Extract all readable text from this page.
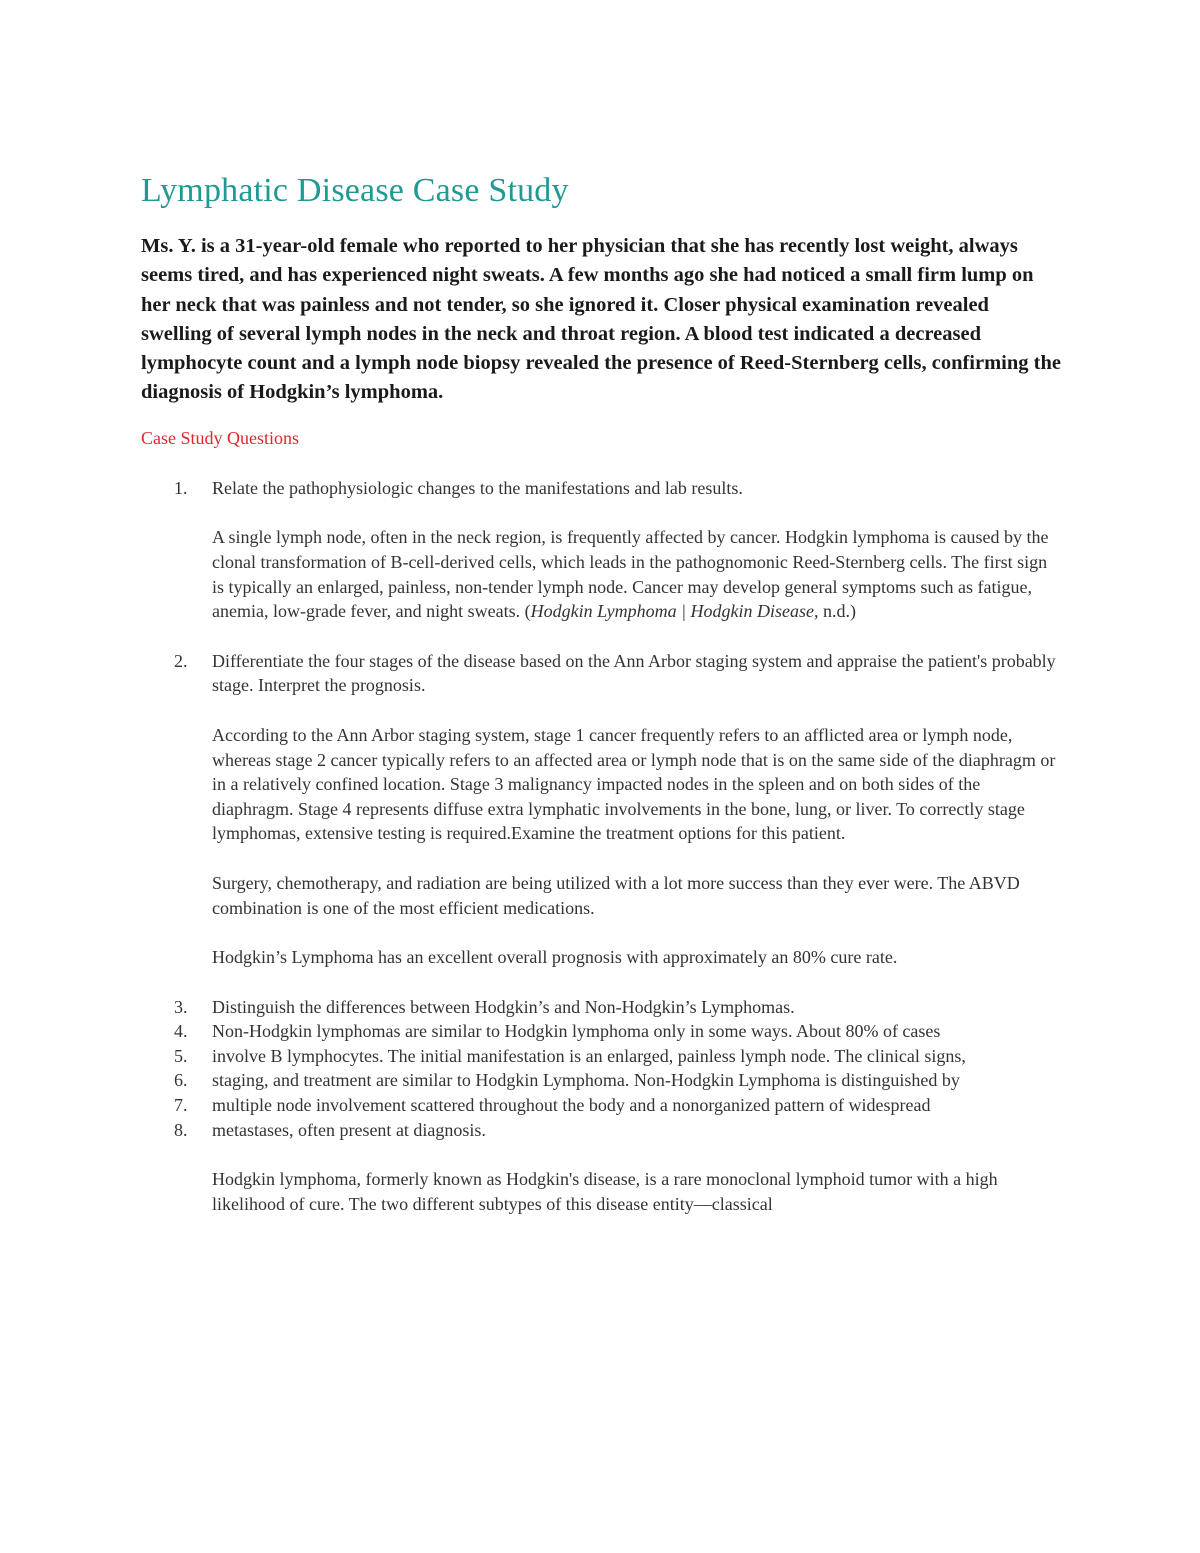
Lymphatic Disease Case Study

Ms. Y. is a 31-year-old female who reported to her physician that she has recently lost weight, always seems tired, and has experienced night sweats. A few months ago she had noticed a small firm lump on her neck that was painless and not tender, so she ignored it. Closer physical examination revealed swelling of several lymph nodes in the neck and throat region. A blood test indicated a decreased lymphocyte count and a lymph node biopsy revealed the presence of Reed-Sternberg cells, confirming the diagnosis of Hodgkin’s lymphoma.

Case Study Questions
1. Relate the pathophysiologic changes to the manifestations and lab results.
A single lymph node, often in the neck region, is frequently affected by cancer. Hodgkin lymphoma is caused by the clonal transformation of B-cell-derived cells, which leads in the pathognomonic Reed-Sternberg cells. The first sign is typically an enlarged, painless, non-tender lymph node. Cancer may develop general symptoms such as fatigue, anemia, low-grade fever, and night sweats. (Hodgkin Lymphoma | Hodgkin Disease, n.d.)
2. Differentiate the four stages of the disease based on the Ann Arbor staging system and appraise the patient's probably stage. Interpret the prognosis.
According to the Ann Arbor staging system, stage 1 cancer frequently refers to an afflicted area or lymph node, whereas stage 2 cancer typically refers to an affected area or lymph node that is on the same side of the diaphragm or in a relatively confined location. Stage 3 malignancy impacted nodes in the spleen and on both sides of the diaphragm. Stage 4 represents diffuse extra lymphatic involvements in the bone, lung, or liver. To correctly stage lymphomas, extensive testing is required.Examine the treatment options for this patient.
Surgery, chemotherapy, and radiation are being utilized with a lot more success than they ever were. The ABVD combination is one of the most efficient medications.
Hodgkin’s Lymphoma has an excellent overall prognosis with approximately an 80% cure rate.
3. Distinguish the differences between Hodgkin’s and Non-Hodgkin’s Lymphomas.
4. Non-Hodgkin lymphomas are similar to Hodgkin lymphoma only in some ways. About 80% of cases
5. involve B lymphocytes. The initial manifestation is an enlarged, painless lymph node. The clinical signs,
6. staging, and treatment are similar to Hodgkin Lymphoma. Non-Hodgkin Lymphoma is distinguished by
7. multiple node involvement scattered throughout the body and a nonorganized pattern of widespread
8. metastases, often present at diagnosis.
Hodgkin lymphoma, formerly known as Hodgkin's disease, is a rare monoclonal lymphoid tumor with a high likelihood of cure. The two different subtypes of this disease entity—classical
